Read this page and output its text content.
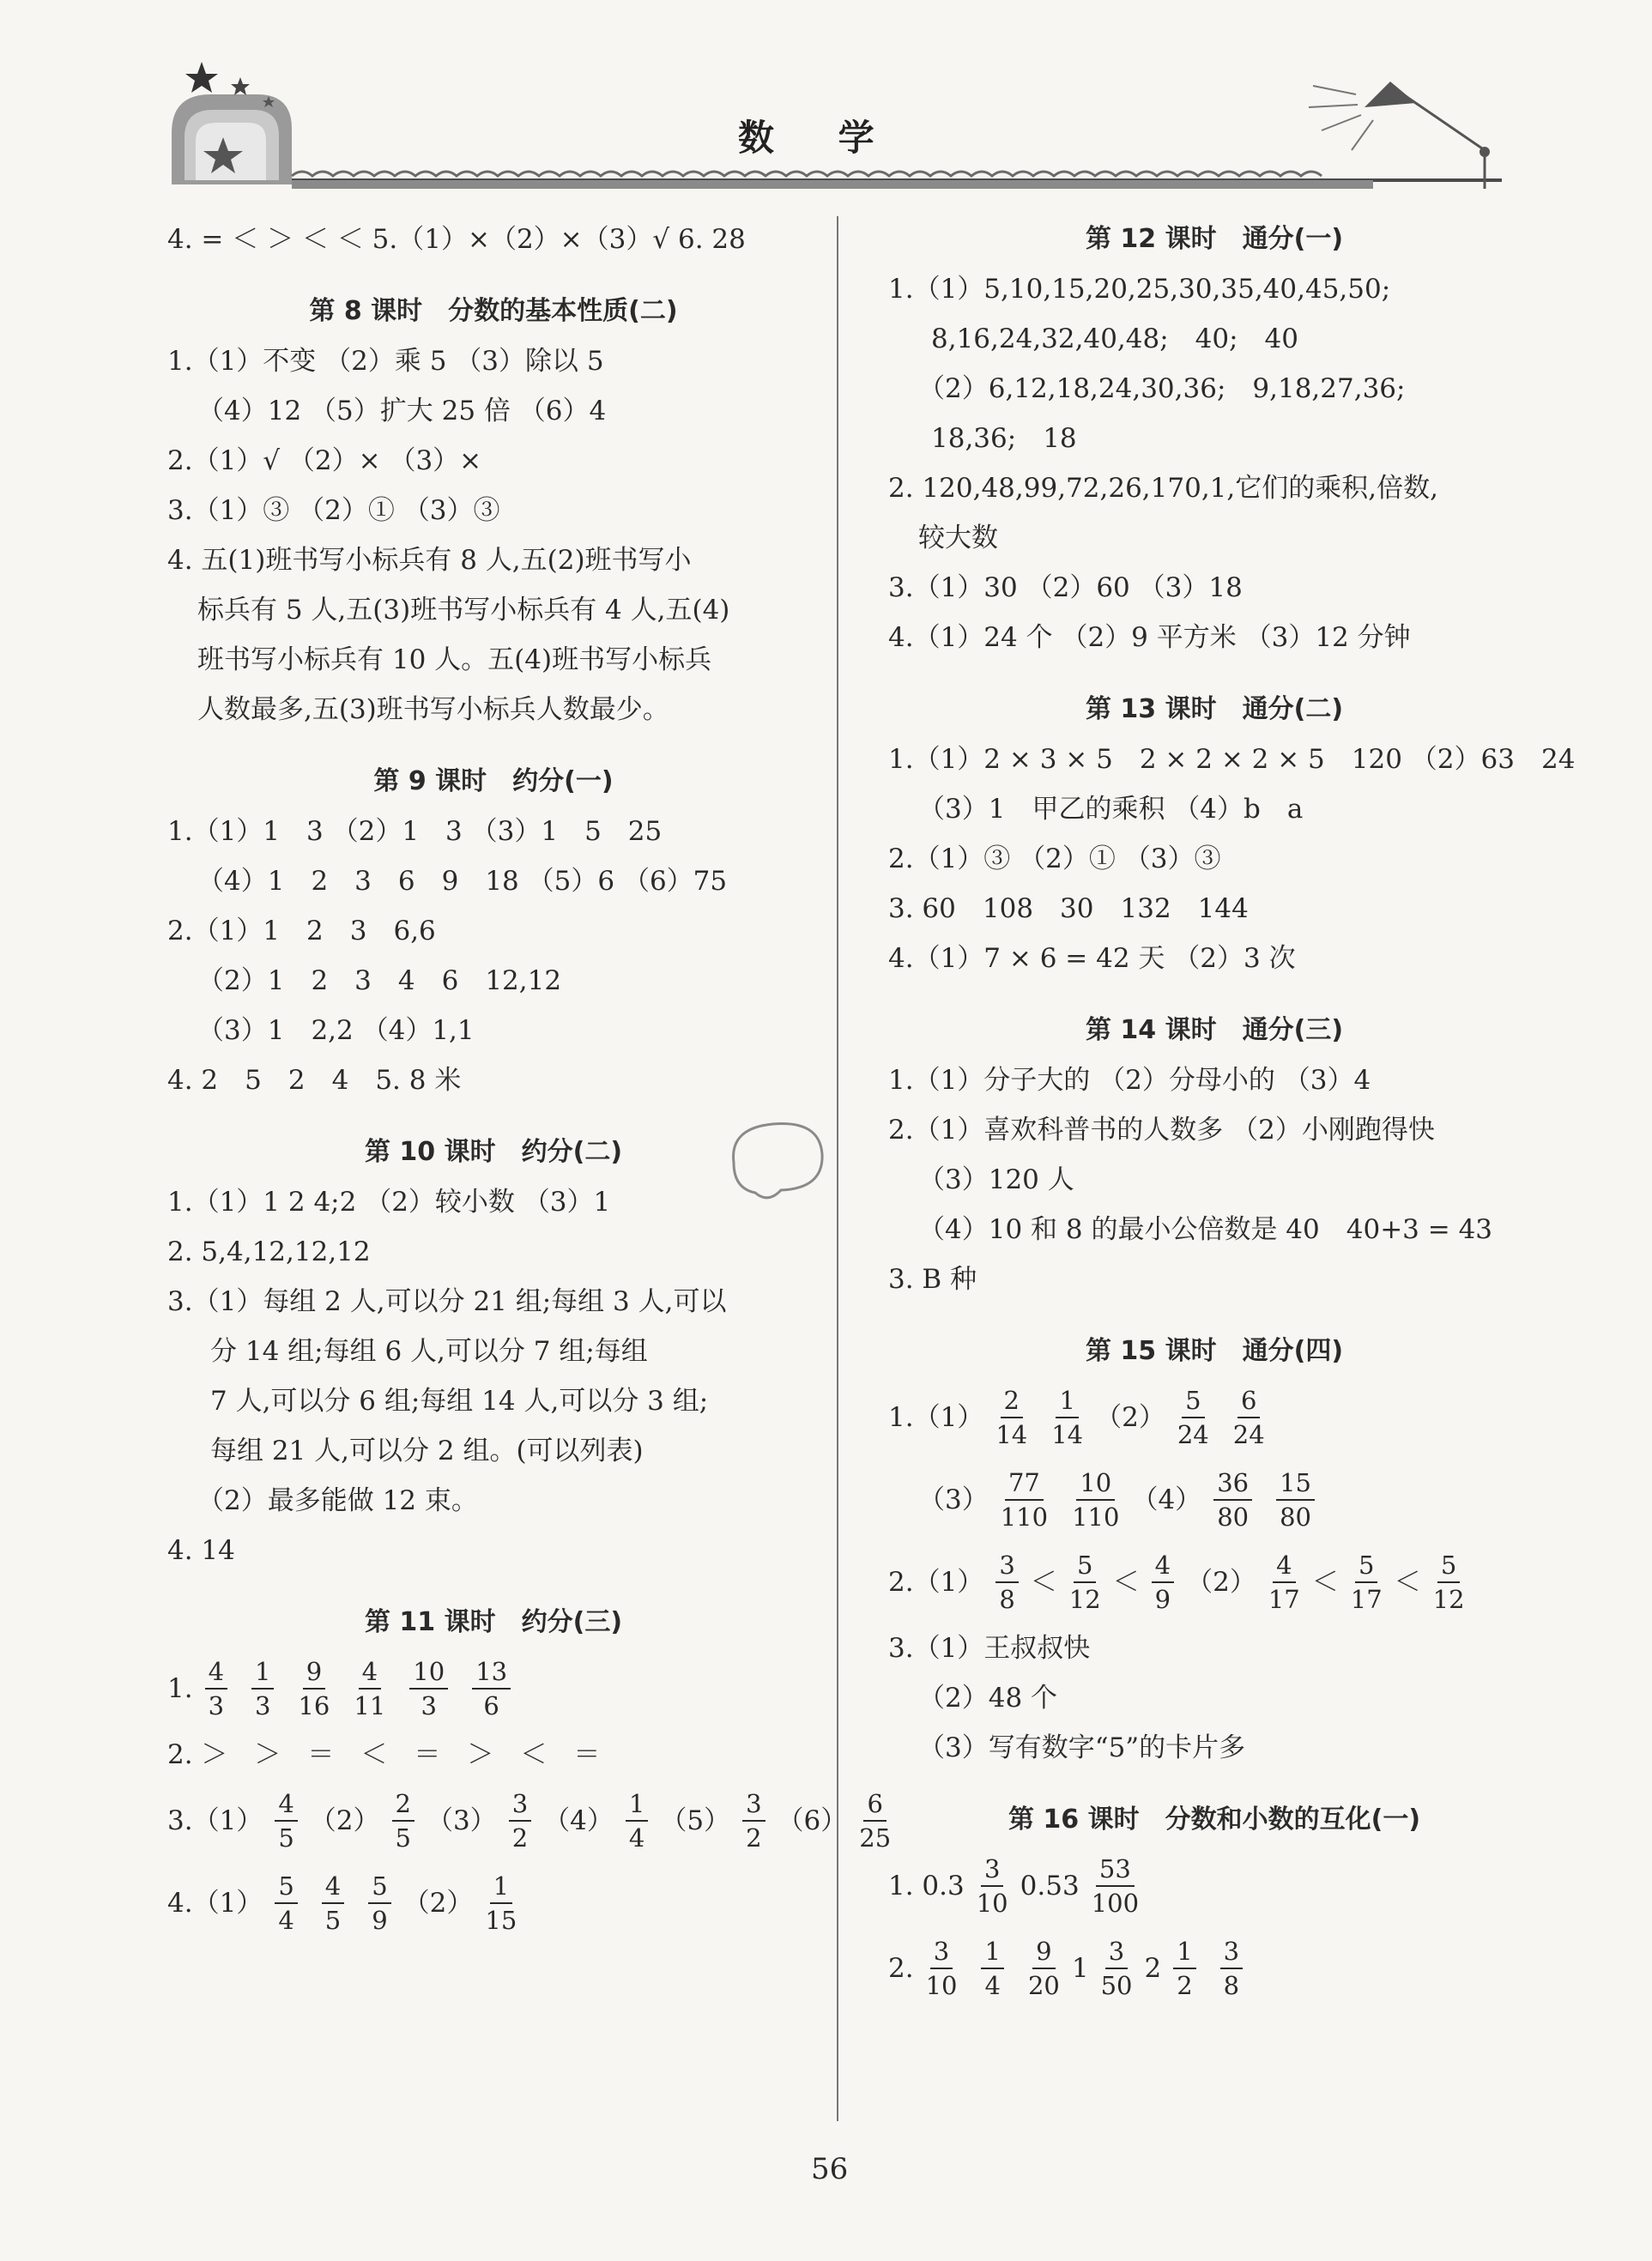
数 学
4. = ＜ ＞ ＜ ＜ 5.（1）×（2）×（3）√ 6. 28
第 8 课时　分数的基本性质(二)
1.（1）不变 （2）乘 5 （3）除以 5
（4）12 （5）扩大 25 倍 （6）4
2.（1）√ （2）× （3）×
3.（1）③ （2）① （3）③
4. 五(1)班书写小标兵有 8 人,五(2)班书写小
标兵有 5 人,五(3)班书写小标兵有 4 人,五(4)
班书写小标兵有 10 人。五(4)班书写小标兵
人数最多,五(3)班书写小标兵人数最少。
第 9 课时　约分(一)
1.（1）1　3 （2）1　3 （3）1　5　25
（4）1　2　3　6　9　18 （5）6 （6）75
2.（1）1　2　3　6,6
（2）1　2　3　4　6　12,12
（3）1　2,2 （4）1,1
4. 2　5　2　4　5. 8 米
第 10 课时　约分(二)
1.（1）1 2 4;2 （2）较小数 （3）1
2. 5,4,12,12,12
3.（1）每组 2 人,可以分 21 组;每组 3 人,可以
分 14 组;每组 6 人,可以分 7 组;每组
7 人,可以分 6 组;每组 14 人,可以分 3 组;
每组 21 人,可以分 2 组。(可以列表)
（2）最多能做 12 束。
4. 14
第 11 课时　约分(三)
1. $\frac{4}{3} \frac{1}{3} \frac{9}{16} \frac{4}{11} \frac{10}{3} \frac{13}{6}$
2. ＞　＞　＝　＜　＝　＞　＜　＝
$3.(1) \frac{4}{5} (2) \frac{2}{5} (3) \frac{3}{2} (4) \frac{1}{4} (5) \frac{3}{2} (6) \frac{6}{25}$
$4.(1) \frac{5}{4} \frac{4}{5} \frac{5}{9} (2) \frac{1}{15}$
第 12 课时　通分(一)
1.（1）5,10,15,20,25,30,35,40,45,50;
8,16,24,32,40,48;　40;　40
（2）6,12,18,24,30,36;　9,18,27,36;
18,36;　18
2. 120,48,99,72,26,170,1,它们的乘积,倍数,
较大数
3.（1）30 （2）60 （3）18
4.（1）24 个 （2）9 平方米 （3）12 分钟
第 13 课时　通分(二)
1.（1）2 × 3 × 5　2 × 2 × 2 × 5　120 （2）63　24
（3）1　甲乙的乘积 （4）b　a
2.（1）③ （2）① （3）③
3. 60　108　30　132　144
4.（1）7 × 6 = 42 天 （2）3 次
第 14 课时　通分(三)
1.（1）分子大的 （2）分母小的 （3）4
2.（1）喜欢科普书的人数多 （2）小刚跑得快
（3）120 人
（4）10 和 8 的最小公倍数是 40　40+3 = 43
3. B 种
第 15 课时　通分(四)
$1.(1) \frac{2}{14} \frac{1}{14} (2) \frac{5}{24} \frac{6}{24}$
$(3) \frac{77}{110} \frac{10}{110} (4) \frac{36}{80} \frac{15}{80}$
$2.(1) \frac{3}{8} < \frac{5}{12} < \frac{4}{9} (2) \frac{4}{17} < \frac{5}{17} < \frac{5}{12}$
3.（1）王叔叔快
（2）48 个
（3）写有数字“5”的卡片多
第 16 课时　分数和小数的互化(一)
1. $0.3 \frac{3}{10} 0.53 \frac{53}{100}$
2. $\frac{3}{10} \frac{1}{4} \frac{9}{20} 1 \frac{3}{50} 2 \frac{1}{2} \frac{3}{8}$
56
